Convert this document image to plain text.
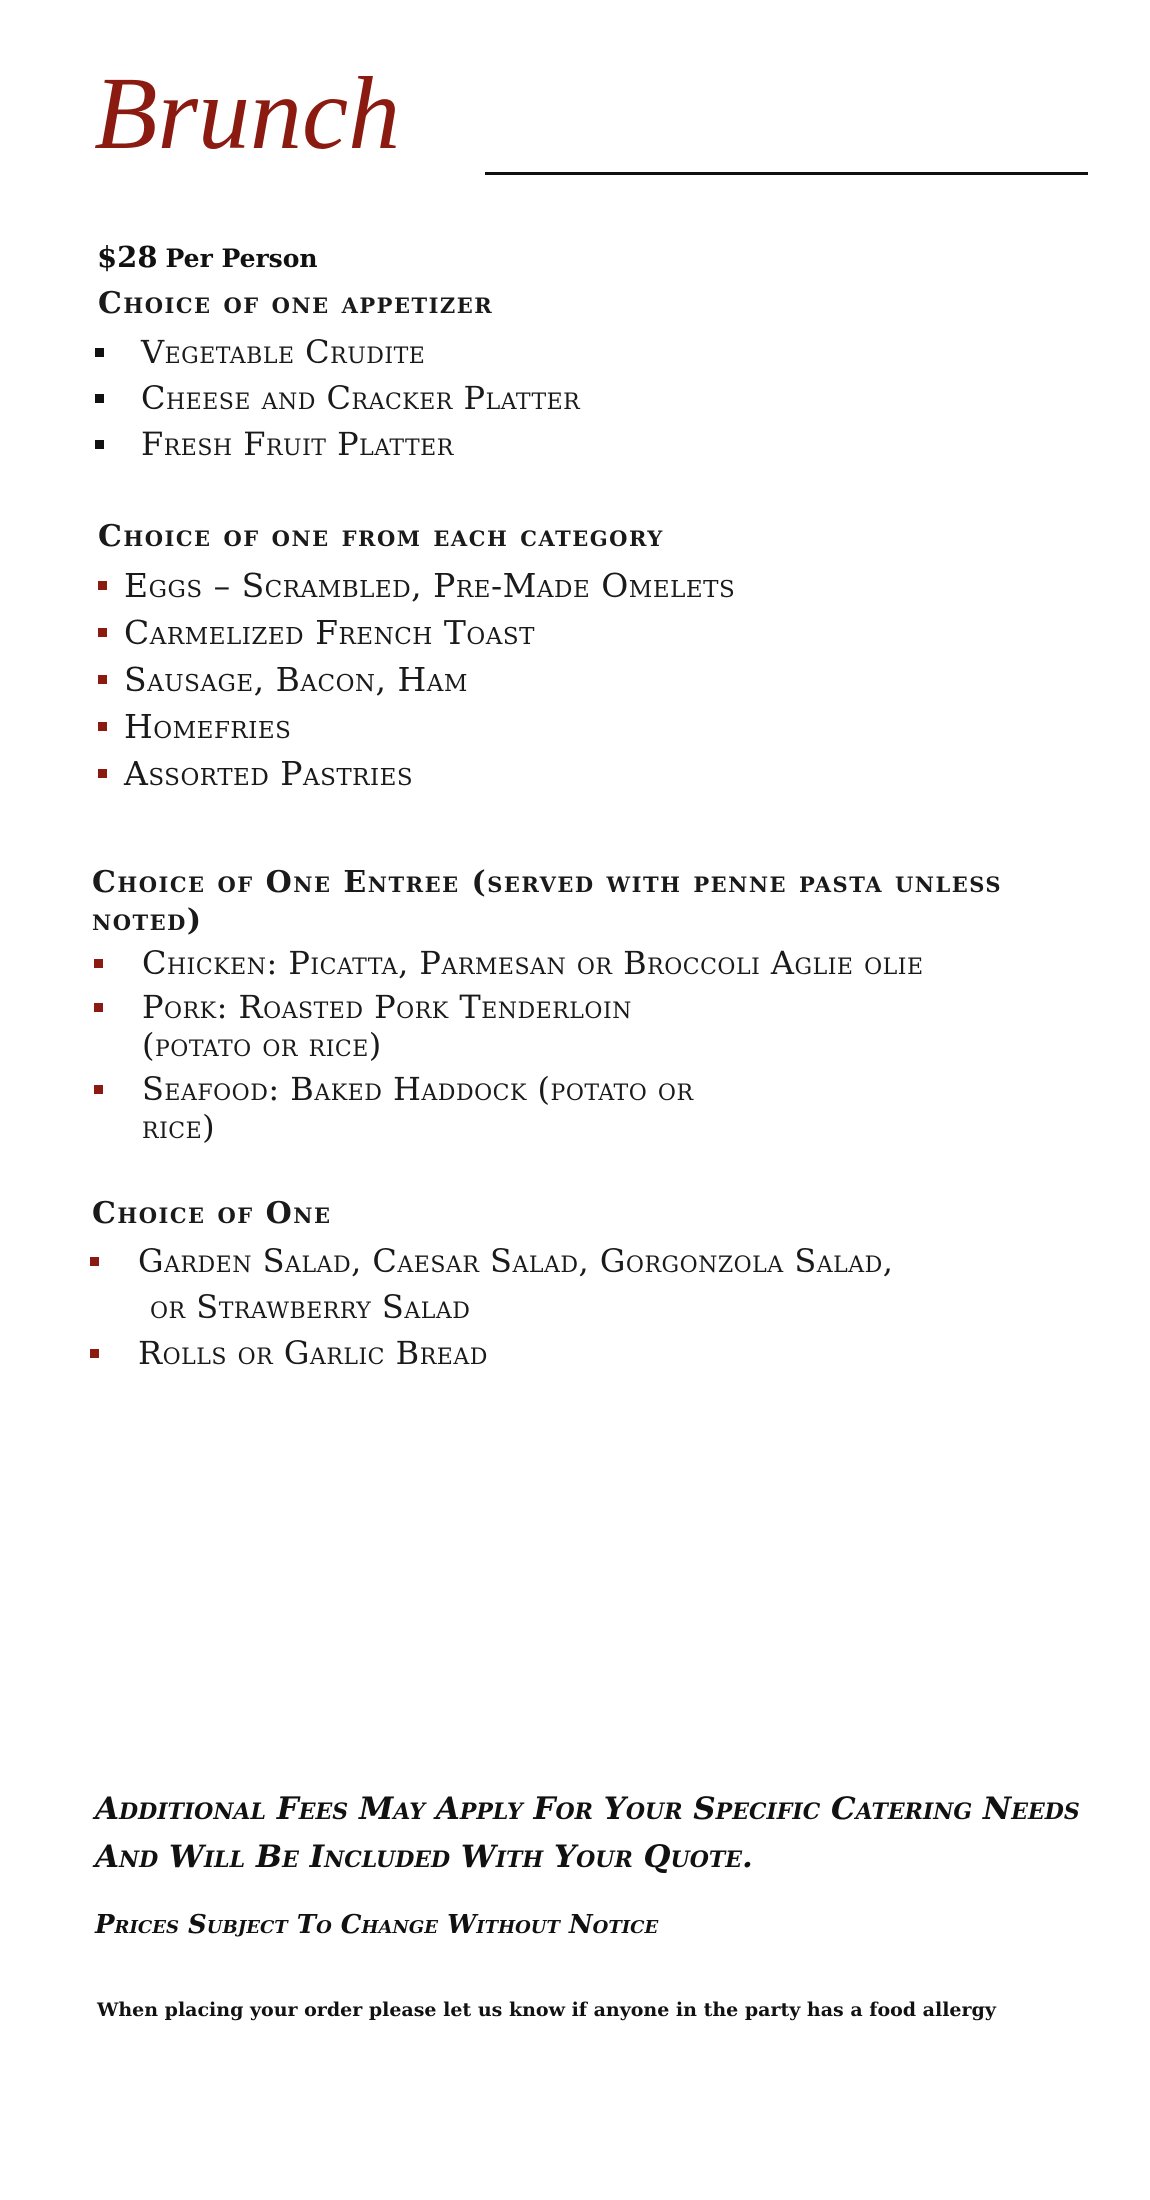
Brunch
$28 Per Person
Choice of one appetizer
Vegetable Crudite
Cheese and Cracker Platter
Fresh Fruit Platter
Choice of one from each category
Eggs – Scrambled, Pre-Made Omelets
Carmelized French Toast
Sausage, Bacon, Ham
Homefries
Assorted Pastries
Choice of One Entree (served with penne pasta unless noted)
Chicken: Picatta, Parmesan or Broccoli Aglie olie
Pork: Roasted Pork Tenderloin
(potato or rice)
Seafood: Baked Haddock (potato or
rice)
Choice of One
Garden Salad, Caesar Salad, Gorgonzola Salad,
or Strawberry Salad
Rolls or Garlic Bread

Additional Fees May Apply For Your Specific Catering Needs And Will Be Included With Your Quote.

Prices Subject To Change Without Notice

When placing your order please let us know if anyone in the party has a food allergy
